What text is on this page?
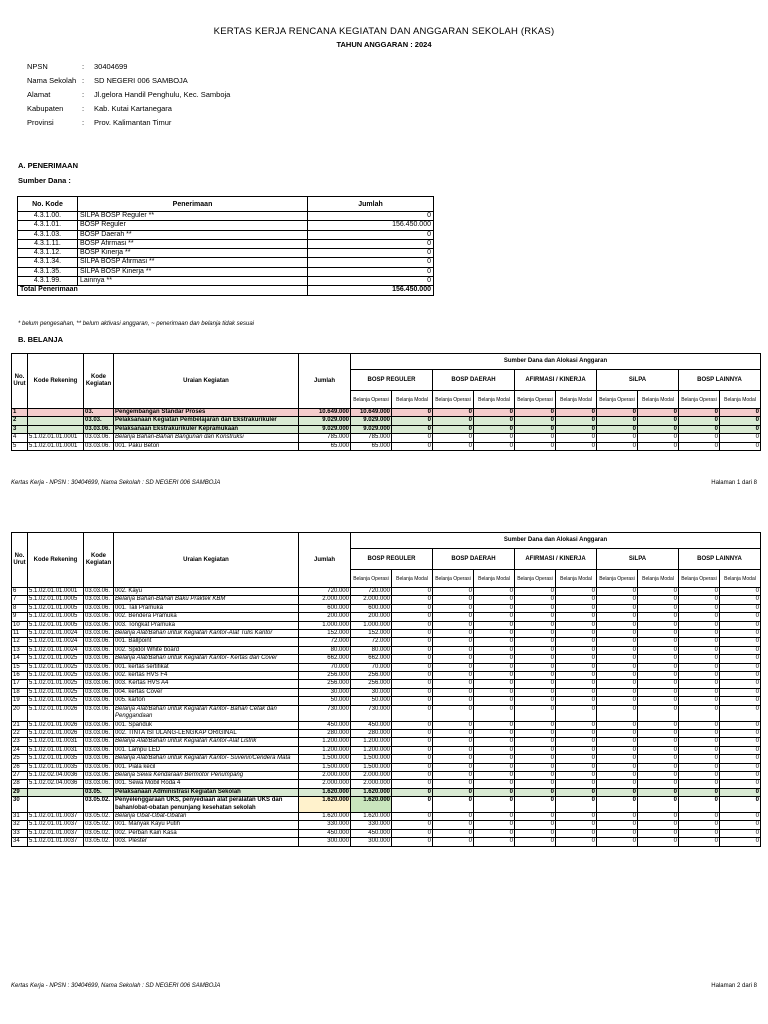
KERTAS KERJA RENCANA KEGIATAN DAN ANGGARAN SEKOLAH (RKAS)
TAHUN ANGGARAN : 2024
NPSN	:	30404699
Nama Sekolah :	SD NEGERI 006 SAMBOJA
Alamat	:	Jl.gelora Handil Penghulu, Kec. Samboja
Kabupaten	:	Kab. Kutai Kartanegara
Provinsi	:	Prov. Kalimantan Timur
A. PENERIMAAN
Sumber Dana :
No. Kode	Penerimaan	Jumlah
4.3.1.00.	SILPA BOSP Reguler **	0
4.3.1.01.	BOSP Reguler	156.450.000
4.3.1.03.	BOSP Daerah **	0
4.3.1.11.	BOSP Afirmasi **	0
4.3.1.12.	BOSP Kinerja **	0
4.3.1.34.	SILPA BOSP Afirmasi **	0
4.3.1.35.	SILPA BOSP Kinerja **	0
4.3.1.99.	Lainnya **	0
Total Penerimaan		156.450.000
* belum pengesahan, ** belum aktivasi anggaran, ~ penerimaan dan belanja tidak sesuai
B. BELANJA
No. Urut	Kode Rekening	Kode Kegiatan	Uraian Kegiatan	Jumlah	Sumber Dana dan Alokasi Anggaran									
					BOSP REGULER		BOSP DAERAH		AFIRMASI / KINERJA		SiLPA		BOSP LAINNYA	
					Belanja Operasi	Belanja Modal	Belanja Operasi	Belanja Modal	Belanja Operasi	Belanja Modal	Belanja Operasi	Belanja Modal	Belanja Operasi	Belanja Modal
1		03.	Pengembangan Standar Proses	10.649.000	10.649.000	0	0	0	0	0	0	0	0	0
2		03.03.	Pelaksanaan Kegiatan Pembelajaran dan Ekstrakurikuler	9.029.000	9.029.000	0	0	0	0	0	0	0	0	0
3		03.03.06.	Pelaksanaan Ekstrakurikuler Kepramukaan	9.029.000	9.029.000	0	0	0	0	0	0	0	0	0
4	5.1.02.01.01.0001	03.03.06.	Belanja Bahan-Bahan Bangunan dan Konstruksi	785.000	785.000	0	0	0	0	0	0	0	0	0
5	5.1.02.01.01.0001	03.03.06.	001. Paku Beton	65.000	65.000	0	0	0	0	0	0	0	0	0
Kertas Kerja - NPSN : 30404699, Nama Sekolah : SD NEGERI 006 SAMBOJA	Halaman 1 dari 8
No. Urut	Kode Rekening	Kode Kegiatan	Uraian Kegiatan	Jumlah	Sumber Dana dan Alokasi Anggaran									
					BOSP REGULER		BOSP DAERAH		AFIRMASI / KINERJA		SiLPA		BOSP LAINNYA	
					Belanja Operasi	Belanja Modal	Belanja Operasi	Belanja Modal	Belanja Operasi	Belanja Modal	Belanja Operasi	Belanja Modal	Belanja Operasi	Belanja Modal
6	5.1.02.01.01.0001	03.03.06.	002. Kayu	720.000	720.000	0	0	0	0	0	0	0	0	0
7	5.1.02.01.01.0005	03.03.06.	Belanja Bahan-Bahan Baku Praktek KBM	2.000.000	2.000.000	0	0	0	0	0	0	0	0	0
8	5.1.02.01.01.0005	03.03.06.	001. Tali Pramuka	600.000	600.000	0	0	0	0	0	0	0	0	0
9	5.1.02.01.01.0005	03.03.06.	002. Bendera Pramuka	200.000	200.000	0	0	0	0	0	0	0	0	0
10	5.1.02.01.01.0005	03.03.06.	003. Tongkat Pramuka	1.000.000	1.000.000	0	0	0	0	0	0	0	0	0
11	5.1.02.01.01.0024	03.03.06.	Belanja Alat/Bahan untuk Kegiatan Kantor-Alat Tulis Kantor	152.000	152.000	0	0	0	0	0	0	0	0	0
12	5.1.02.01.01.0024	03.03.06.	001. Ballpoint	72.000	72.000	0	0	0	0	0	0	0	0	0
13	5.1.02.01.01.0024	03.03.06.	002. Spidol White board	80.000	80.000	0	0	0	0	0	0	0	0	0
14	5.1.02.01.01.0025	03.03.06.	Belanja Alat/Bahan untuk Kegiatan Kantor- Kertas dan Cover	662.000	662.000	0	0	0	0	0	0	0	0	0
15	5.1.02.01.01.0025	03.03.06.	001. kertas sertifikat	70.000	70.000	0	0	0	0	0	0	0	0	0
16	5.1.02.01.01.0025	03.03.06.	002. kertas HVS F4	256.000	256.000	0	0	0	0	0	0	0	0	0
17	5.1.02.01.01.0025	03.03.06.	003. Kertas HVS A4	256.000	256.000	0	0	0	0	0	0	0	0	0
18	5.1.02.01.01.0025	03.03.06.	004. kertas Cover	30.000	30.000	0	0	0	0	0	0	0	0	0
19	5.1.02.01.01.0025	03.03.06.	005. karton	50.000	50.000	0	0	0	0	0	0	0	0	0
20	5.1.02.01.01.0026	03.03.06.	Belanja Alat/Bahan untuk Kegiatan Kantor- Bahan Cetak dan Penggandaan	730.000	730.000	0	0	0	0	0	0	0	0	0
21	5.1.02.01.01.0026	03.03.06.	001. Spanduk	450.000	450.000	0	0	0	0	0	0	0	0	0
22	5.1.02.01.01.0026	03.03.06.	002. TINTA ISI ULANG-LENGKAP ORIGINAL	280.000	280.000	0	0	0	0	0	0	0	0	0
23	5.1.02.01.01.0031	03.03.06.	Belanja Alat/Bahan untuk Kegiatan Kantor-Alat Listrik	1.200.000	1.200.000	0	0	0	0	0	0	0	0	0
24	5.1.02.01.01.0031	03.03.06.	001. Lampu LED	1.200.000	1.200.000	0	0	0	0	0	0	0	0	0
25	5.1.02.01.01.0035	03.03.06.	Belanja Alat/Bahan untuk Kegiatan Kantor- Suvenir/Cendera Mata	1.500.000	1.500.000	0	0	0	0	0	0	0	0	0
26	5.1.02.01.01.0035	03.03.06.	001. Piala kecil	1.500.000	1.500.000	0	0	0	0	0	0	0	0	0
27	5.1.02.02.04.0036	03.03.06.	Belanja Sewa Kendaraan Bermotor Penumpang	2.000.000	2.000.000	0	0	0	0	0	0	0	0	0
28	5.1.02.02.04.0036	03.03.06.	001. Sewa Mobil Roda 4	2.000.000	2.000.000	0	0	0	0	0	0	0	0	0
29		03.05.	Pelaksanaan Administrasi Kegiatan Sekolah	1.620.000	1.620.000	0	0	0	0	0	0	0	0	0
30		03.05.02.	Penyelenggaraan UKS, penyediaan alat peralatan UKS dan bahan/obat-obatan penunjang kesehatan sekolah	1.620.000	1.620.000	0	0	0	0	0	0	0	0	0
31	5.1.02.01.01.0037	03.05.02.	Belanja Obat-Obat-Obatan	1.620.000	1.620.000	0	0	0	0	0	0	0	0	0
32	5.1.02.01.01.0037	03.05.02.	001. Manyak Kayu Putih	330.000	330.000	0	0	0	0	0	0	0	0	0
33	5.1.02.01.01.0037	03.05.02.	002. Perban Kain Kasa	450.000	450.000	0	0	0	0	0	0	0	0	0
34	5.1.02.01.01.0037	03.05.02.	003. Plester	300.000	300.000	0	0	0	0	0	0	0	0	0
Kertas Kerja - NPSN : 30404699, Nama Sekolah : SD NEGERI 006 SAMBOJA	Halaman 2 dari 8
